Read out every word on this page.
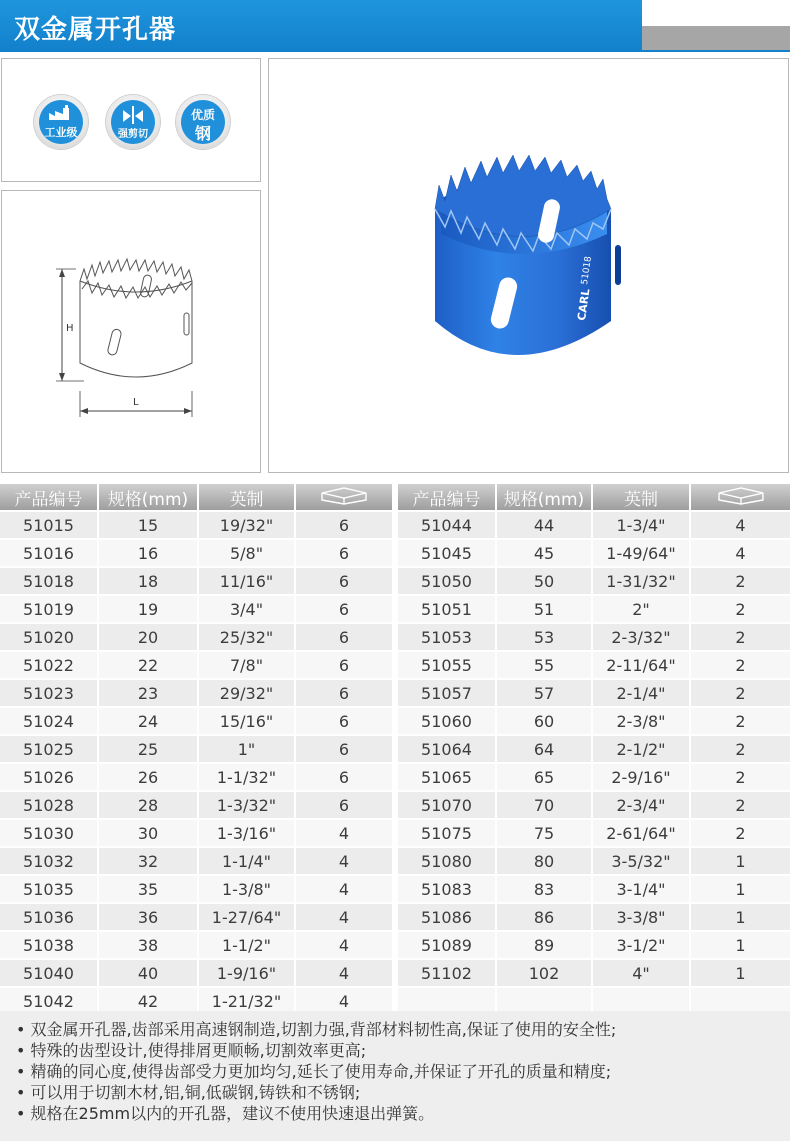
双金属开孔器
工业级	强剪切
优质
钢
H
L
CARL
51018
产品编号	规格(mm)	英制	
51015	15	19/32"	6
51016	16	5/8"	6
51018	18	11/16"	6
51019	19	3/4"	6
51020	20	25/32"	6
51022	22	7/8"	6
51023	23	29/32"	6
51024	24	15/16"	6
51025	25	1"	6
51026	26	1-1/32"	6
51028	28	1-3/32"	6
51030	30	1-3/16"	4
51032	32	1-1/4"	4
51035	35	1-3/8"	4
51036	36	1-27/64"	4
51038	38	1-1/2"	4
51040	40	1-9/16"	4
51042	42	1-21/32"	4
产品编号	规格(mm)	英制	
51044	44	1-3/4"	4
51045	45	1-49/64"	4
51050	50	1-31/32"	2
51051	51	2"	2
51053	53	2-3/32"	2
51055	55	2-11/64"	2
51057	57	2-1/4"	2
51060	60	2-3/8"	2
51064	64	2-1/2"	2
51065	65	2-9/16"	2
51070	70	2-3/4"	2
51075	75	2-61/64"	2
51080	80	3-5/32"	1
51083	83	3-1/4"	1
51086	86	3-3/8"	1
51089	89	3-1/2"	1
51102	102	4"	1

• 双金属开孔器,齿部采用高速钢制造,切割力强,背部材料韧性高,保证了使用的安全性;
• 特殊的齿型设计,使得排屑更顺畅,切割效率更高;
• 精确的同心度,使得齿部受力更加均匀,延长了使用寿命,并保证了开孔的质量和精度;
• 可以用于切割木材,铝,铜,低碳钢,铸铁和不锈钢;
• 规格在25mm以内的开孔器，建议不使用快速退出弹簧。
